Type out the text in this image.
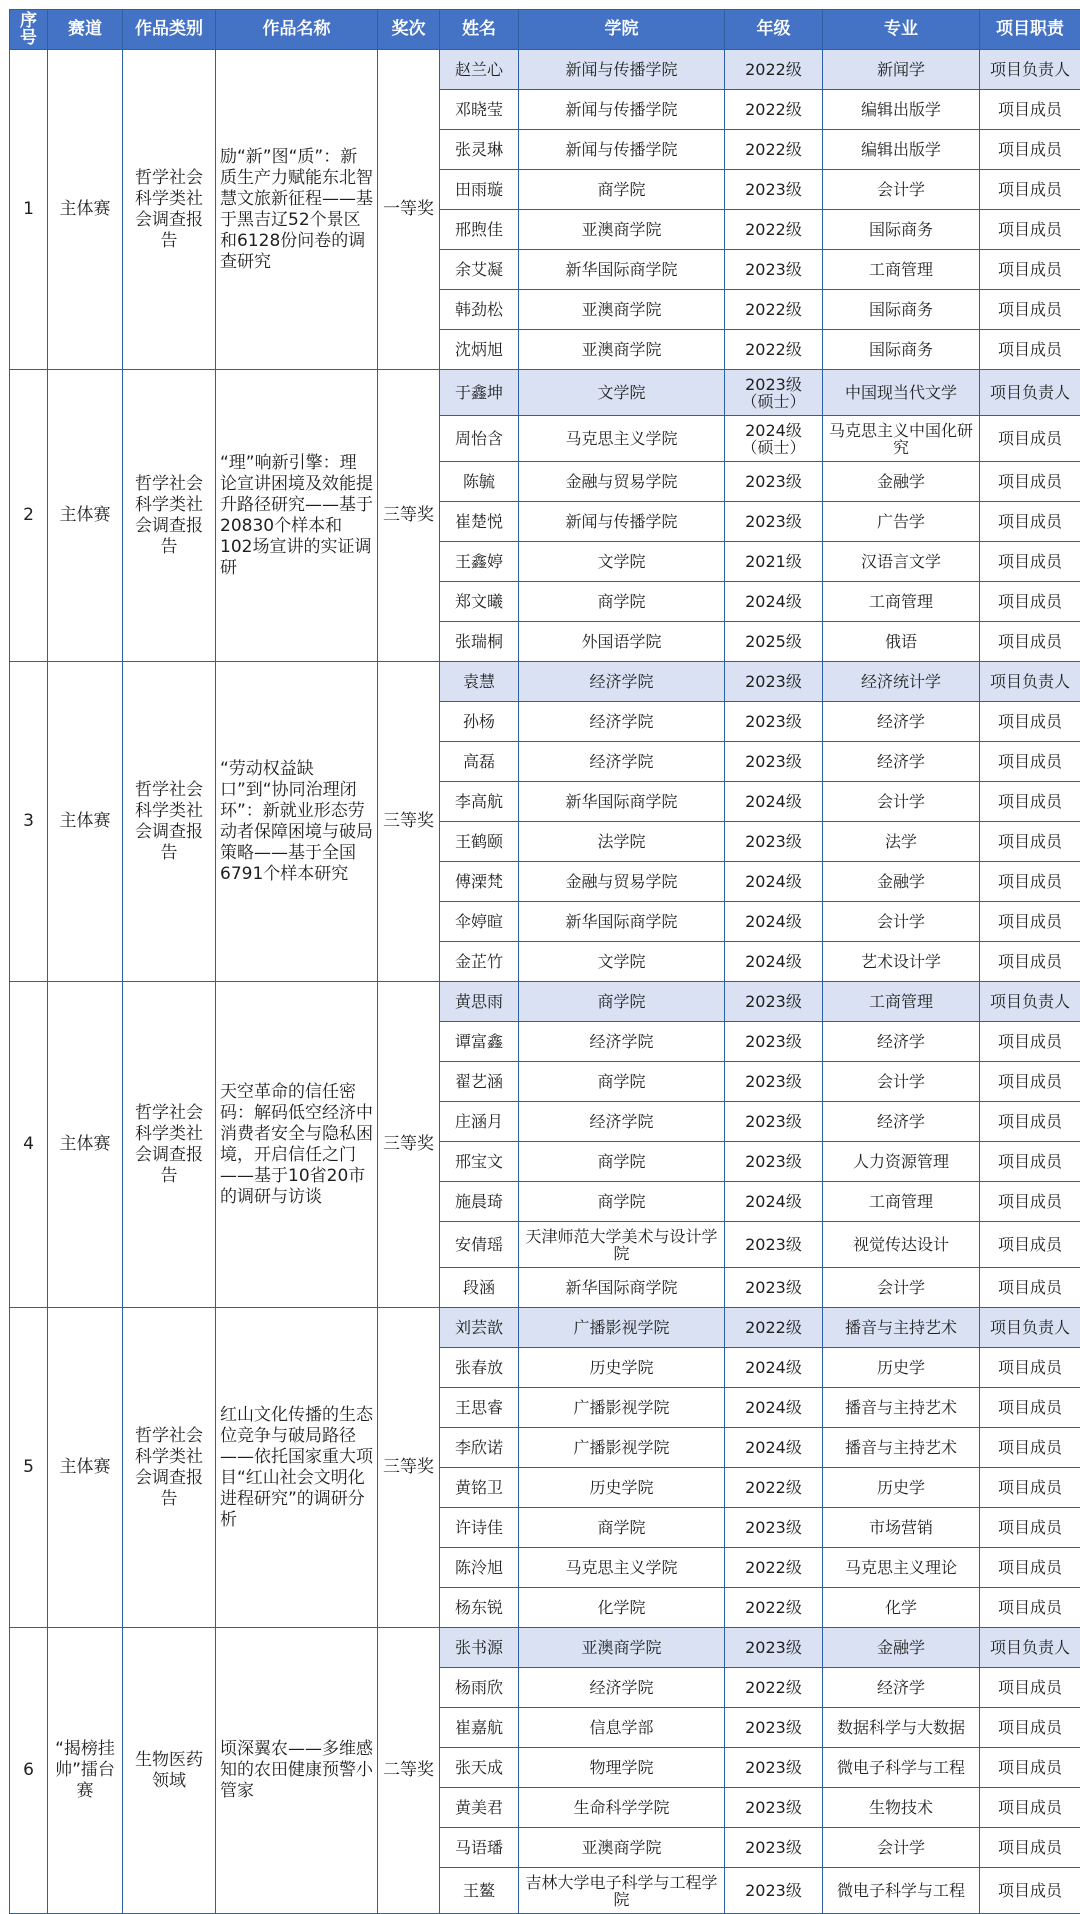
序号	赛道	作品类别	作品名称	奖次	姓名	学院	年级	专业	项目职责
1	主体赛	哲学社会科学类社会调查报告	励“新”图“质”：新质生产力赋能东北智慧文旅新征程——基于黑吉辽52个景区和6128份问卷的调查研究	一等奖	赵兰心	新闻与传播学院	2022级	新闻学	项目负责人
					邓晓莹	新闻与传播学院	2022级	编辑出版学	项目成员
					张灵琳	新闻与传播学院	2022级	编辑出版学	项目成员
					田雨璇	商学院	2023级	会计学	项目成员
					邢煦佳	亚澳商学院	2022级	国际商务	项目成员
					余艾凝	新华国际商学院	2023级	工商管理	项目成员
					韩劲松	亚澳商学院	2022级	国际商务	项目成员
					沈炳旭	亚澳商学院	2022级	国际商务	项目成员
2	主体赛	哲学社会科学类社会调查报告	“理”响新引擎：理论宣讲困境及效能提升路径研究——基于20830个样本和102场宣讲的实证调研	三等奖	于鑫坤	文学院	2023级（硕士）	中国现当代文学	项目负责人
					周怡含	马克思主义学院	2024级（硕士）	马克思主义中国化研究	项目成员
					陈毓	金融与贸易学院	2023级	金融学	项目成员
					崔楚悦	新闻与传播学院	2023级	广告学	项目成员
					王鑫婷	文学院	2021级	汉语言文学	项目成员
					郑文曦	商学院	2024级	工商管理	项目成员
					张瑞桐	外国语学院	2025级	俄语	项目成员
3	主体赛	哲学社会科学类社会调查报告	“劳动权益缺口”到“协同治理闭环”：新就业形态劳动者保障困境与破局策略——基于全国6791个样本研究	三等奖	袁慧	经济学院	2023级	经济统计学	项目负责人
					孙杨	经济学院	2023级	经济学	项目成员
					高磊	经济学院	2023级	经济学	项目成员
					李高航	新华国际商学院	2024级	会计学	项目成员
					王鹤颐	法学院	2023级	法学	项目成员
					傅溧梵	金融与贸易学院	2024级	金融学	项目成员
					伞婷暄	新华国际商学院	2024级	会计学	项目成员
					金芷竹	文学院	2024级	艺术设计学	项目成员
4	主体赛	哲学社会科学类社会调查报告	天空革命的信任密码：解码低空经济中消费者安全与隐私困境，开启信任之门——基于10省20市的调研与访谈	三等奖	黄思雨	商学院	2023级	工商管理	项目负责人
					谭富鑫	经济学院	2023级	经济学	项目成员
					翟艺涵	商学院	2023级	会计学	项目成员
					庄涵月	经济学院	2023级	经济学	项目成员
					邢宝文	商学院	2023级	人力资源管理	项目成员
					施晨琦	商学院	2024级	工商管理	项目成员
					安倩瑶	天津师范大学美术与设计学院	2023级	视觉传达设计	项目成员
					段涵	新华国际商学院	2023级	会计学	项目成员
5	主体赛	哲学社会科学类社会调查报告	红山文化传播的生态位竞争与破局路径——依托国家重大项目“红山社会文明化进程研究”的调研分析	三等奖	刘芸歆	广播影视学院	2022级	播音与主持艺术	项目负责人
					张春放	历史学院	2024级	历史学	项目成员
					王思睿	广播影视学院	2024级	播音与主持艺术	项目成员
					李欣诺	广播影视学院	2024级	播音与主持艺术	项目成员
					黄铭卫	历史学院	2022级	历史学	项目成员
					许诗佳	商学院	2023级	市场营销	项目成员
					陈泠旭	马克思主义学院	2022级	马克思主义理论	项目成员
					杨东锐	化学院	2022级	化学	项目成员
6	“揭榜挂帅”擂台赛	生物医药领域	顷深翼农——多维感知的农田健康预警小管家	二等奖	张书源	亚澳商学院	2023级	金融学	项目负责人
					杨雨欣	经济学院	2022级	经济学	项目成员
					崔嘉航	信息学部	2023级	数据科学与大数据	项目成员
					张天成	物理学院	2023级	微电子科学与工程	项目成员
					黄美君	生命科学学院	2023级	生物技术	项目成员
					马语璠	亚澳商学院	2023级	会计学	项目成员
					王鳌	吉林大学电子科学与工程学院	2023级	微电子科学与工程	项目成员
